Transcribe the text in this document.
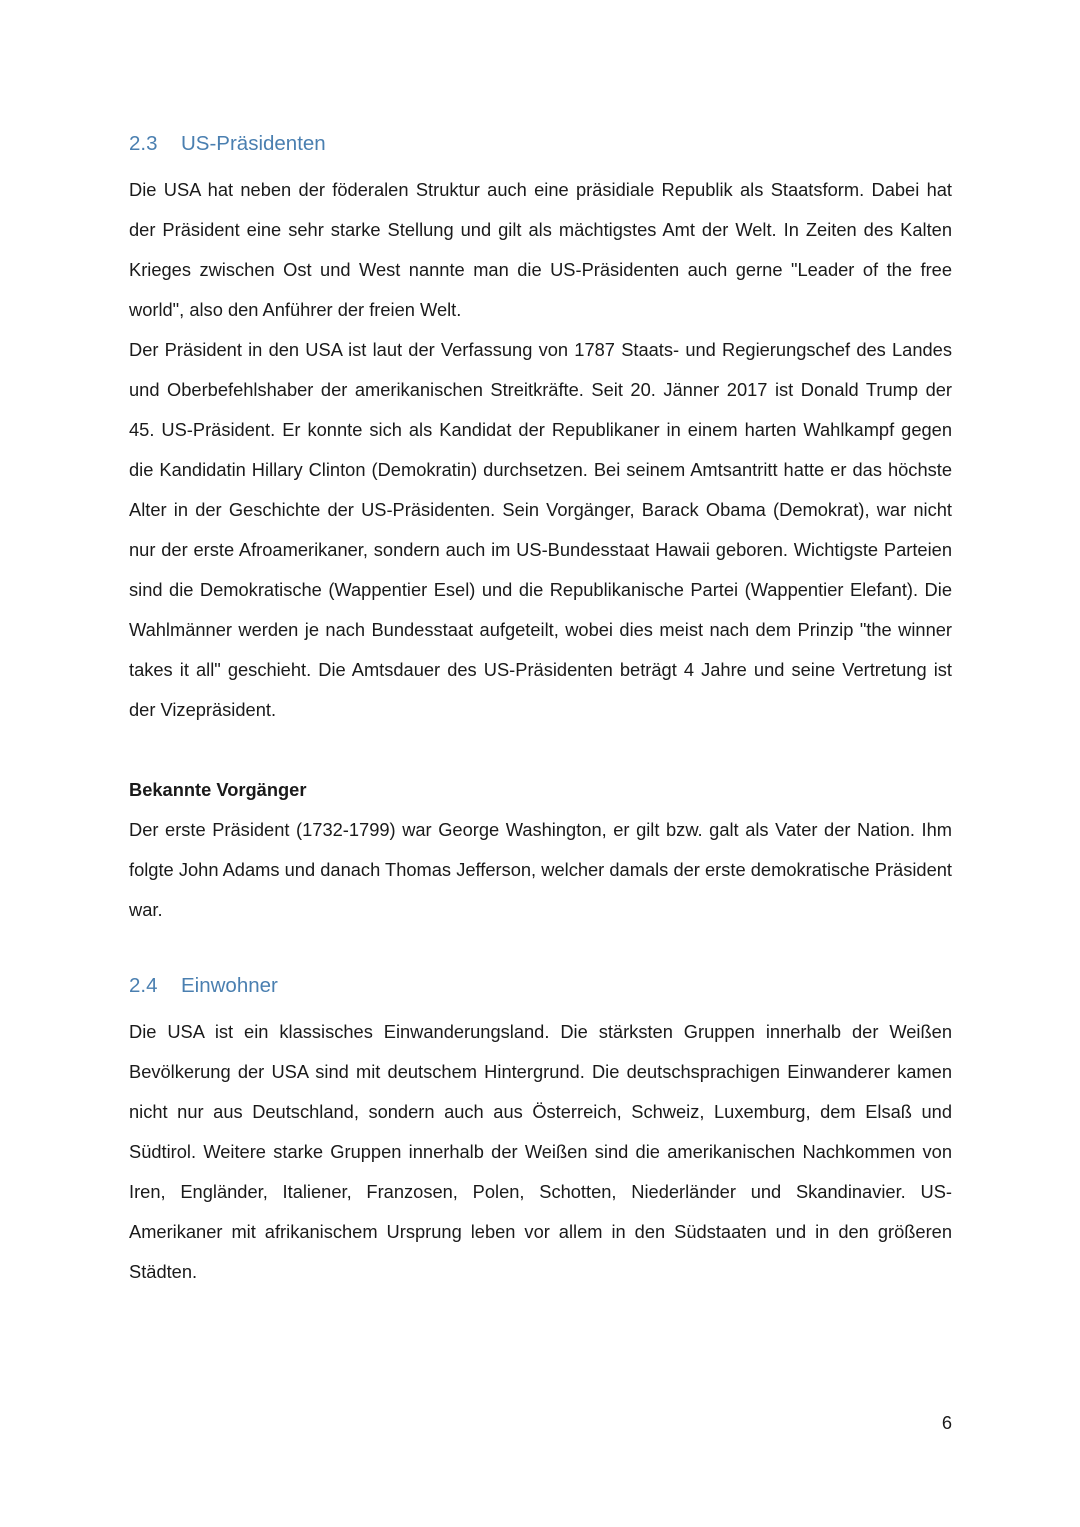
2.3 US-Präsidenten

Die USA hat neben der föderalen Struktur auch eine präsidiale Republik als Staatsform. Dabei hat der Präsident eine sehr starke Stellung und gilt als mächtigstes Amt der Welt. In Zeiten des Kalten Krieges zwischen Ost und West nannte man die US-Präsidenten auch gerne "Leader of the free world", also den Anführer der freien Welt.

Der Präsident in den USA ist laut der Verfassung von 1787 Staats- und Regierungschef des Landes und Oberbefehlshaber der amerikanischen Streitkräfte. Seit 20. Jänner 2017 ist Donald Trump der 45. US-Präsident. Er konnte sich als Kandidat der Republikaner in einem harten Wahlkampf gegen die Kandidatin Hillary Clinton (Demokratin) durchsetzen. Bei seinem Amtsantritt hatte er das höchste Alter in der Geschichte der US-Präsidenten. Sein Vorgänger, Barack Obama (Demokrat), war nicht nur der erste Afroamerikaner, sondern auch im US-Bundesstaat Hawaii geboren. Wichtigste Parteien sind die Demokratische (Wappentier Esel) und die Republikanische Partei (Wappentier Elefant). Die Wahlmänner werden je nach Bundesstaat aufgeteilt, wobei dies meist nach dem Prinzip "the winner takes it all" geschieht. Die Amtsdauer des US-Präsidenten beträgt 4 Jahre und seine Vertretung ist der Vizepräsident.

Bekannte Vorgänger

Der erste Präsident (1732-1799) war George Washington, er gilt bzw. galt als Vater der Nation. Ihm folgte John Adams und danach Thomas Jefferson, welcher damals der erste demokratische Präsident war.

2.4 Einwohner

Die USA ist ein klassisches Einwanderungsland. Die stärksten Gruppen innerhalb der Weißen Bevölkerung der USA sind mit deutschem Hintergrund. Die deutschsprachigen Einwanderer kamen nicht nur aus Deutschland, sondern auch aus Österreich, Schweiz, Luxemburg, dem Elsaß und Südtirol. Weitere starke Gruppen innerhalb der Weißen sind die amerikanischen Nachkommen von Iren, Engländer, Italiener, Franzosen, Polen, Schotten, Niederländer und Skandinavier. US-Amerikaner mit afrikanischem Ursprung leben vor allem in den Südstaaten und in den größeren Städten.

6
